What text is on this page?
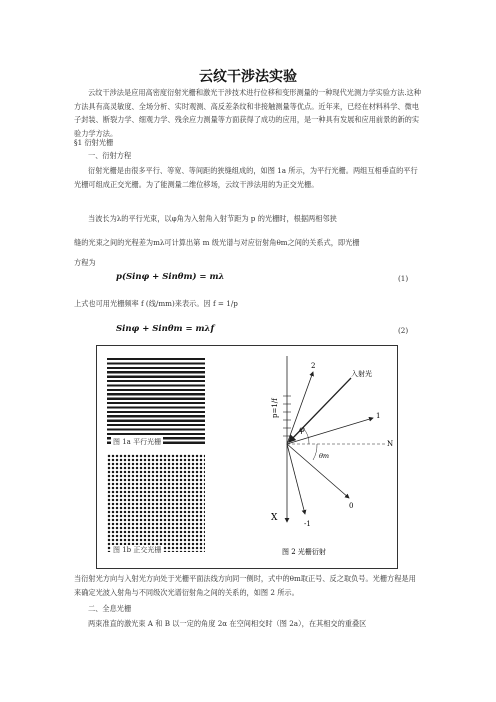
云纹干涉法实验
云纹干涉法是应用高密度衍射光栅和激光干涉技术进行位移和变形测量的一种现代光测力学实验方法.这种方法具有高灵敏度、全场分析、实时观测、高反差条纹和非接触测量等优点。近年来，已经在材料科学、微电子封装、断裂力学、细观力学、残余应力测量等方面获得了成功的应用，是一种具有发展和应用前景的新的实验力学方法。
§1 衍射光栅
一、衍射方程
衍射光栅是由很多平行、等宽、等间距的狭缝组成的，如图 1a 所示，为平行光栅。两组互相垂直的平行光栅可组成正交光栅。为了能测量二维位移场，云纹干涉法用的为正交光栅。
当波长为λ的平行光束，以φ角为入射角入射节距为 p 的光栅时，根据两相邻狭
缝的光束之间的光程差为mλ可计算出第 m 级光谱与对应衍射角θm之间的关系式，即光栅
方程为
p(Sinφ + Sinθm) = mλ	(1)
上式也可用光栅频率 f (线/mm)来表示。因 f = 1/p
Sinφ + Sinθm = mλf	(2)
图 1a 平行光栅
图 1b 正交光栅
p=1/f
入射光
2
1
N
0
X
-1
φ
θm
图 2 光栅衍射
当衍射光方向与入射光方向处于光栅平面法线方向同一侧时，式中的θm取正号、反之取负号。光栅方程是用来确定光波入射角与不同级次光谱衍射角之间的关系的，如图 2 所示。
二、全息光栅
两束准直的激光束 A 和 B 以一定的角度 2α 在空间相交时（图 2a），在其相交的重叠区
